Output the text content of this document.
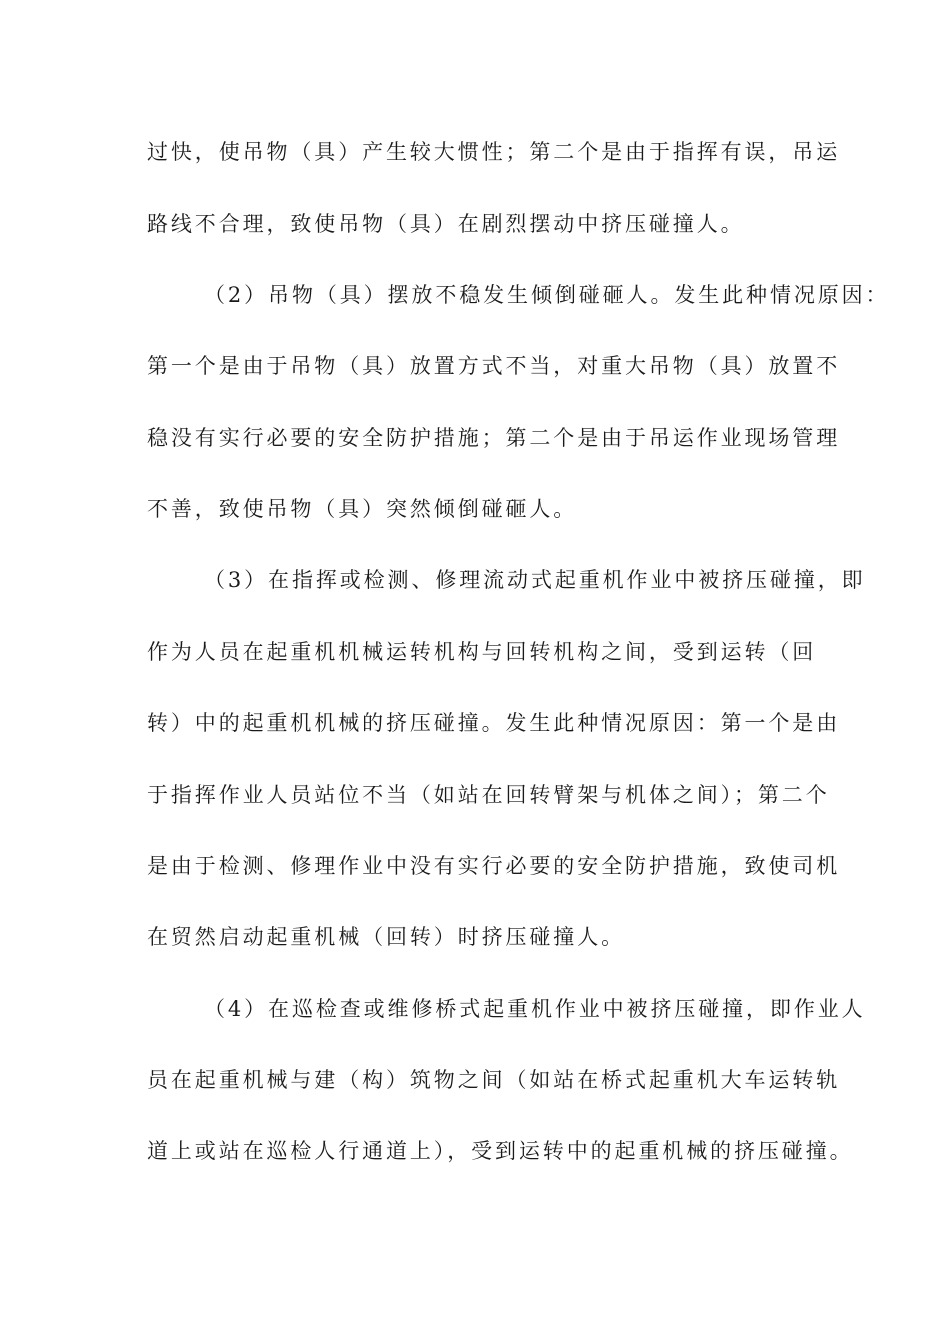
过快，使吊物（具）产生较大惯性；第二个是由于指挥有误，吊运
路线不合理，致使吊物（具）在剧烈摆动中挤压碰撞人。
（2）吊物（具）摆放不稳发生倾倒碰砸人。发生此种情况原因：
第一个是由于吊物（具）放置方式不当，对重大吊物（具）放置不
稳没有实行必要的安全防护措施；第二个是由于吊运作业现场管理
不善，致使吊物（具）突然倾倒碰砸人。
（3）在指挥或检测、修理流动式起重机作业中被挤压碰撞，即
作为人员在起重机机械运转机构与回转机构之间，受到运转（回
转）中的起重机机械的挤压碰撞。发生此种情况原因：第一个是由
于指挥作业人员站位不当（如站在回转臂架与机体之间）；第二个
是由于检测、修理作业中没有实行必要的安全防护措施，致使司机
在贸然启动起重机械（回转）时挤压碰撞人。
（4）在巡检查或维修桥式起重机作业中被挤压碰撞，即作业人
员在起重机械与建（构）筑物之间（如站在桥式起重机大车运转轨
道上或站在巡检人行通道上），受到运转中的起重机械的挤压碰撞。
